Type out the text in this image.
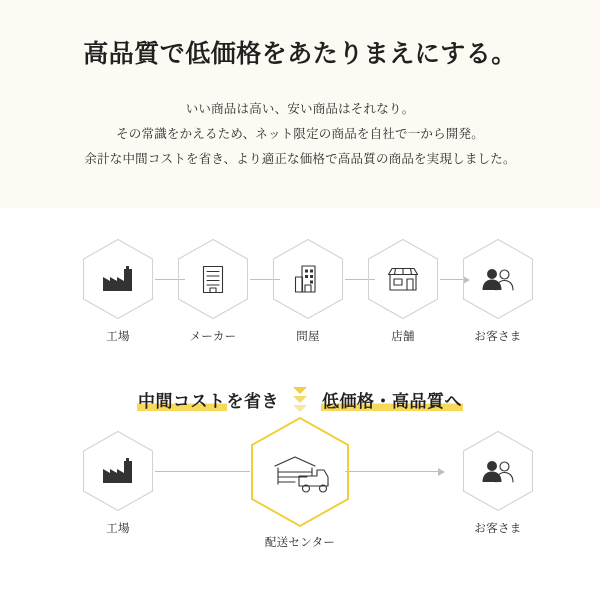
高品質で低価格をあたりまえにする。
いい商品は高い、安い商品はそれなり。
その常識をかえるため、ネット限定の商品を自社で一から開発。
余計な中間コストを省き、より適正な価格で高品質の商品を実現しました。
工場	メーカー	問屋	店舗	お客さま
中間コストを省き	低価格・高品質へ
工場
配送センター
お客さま
